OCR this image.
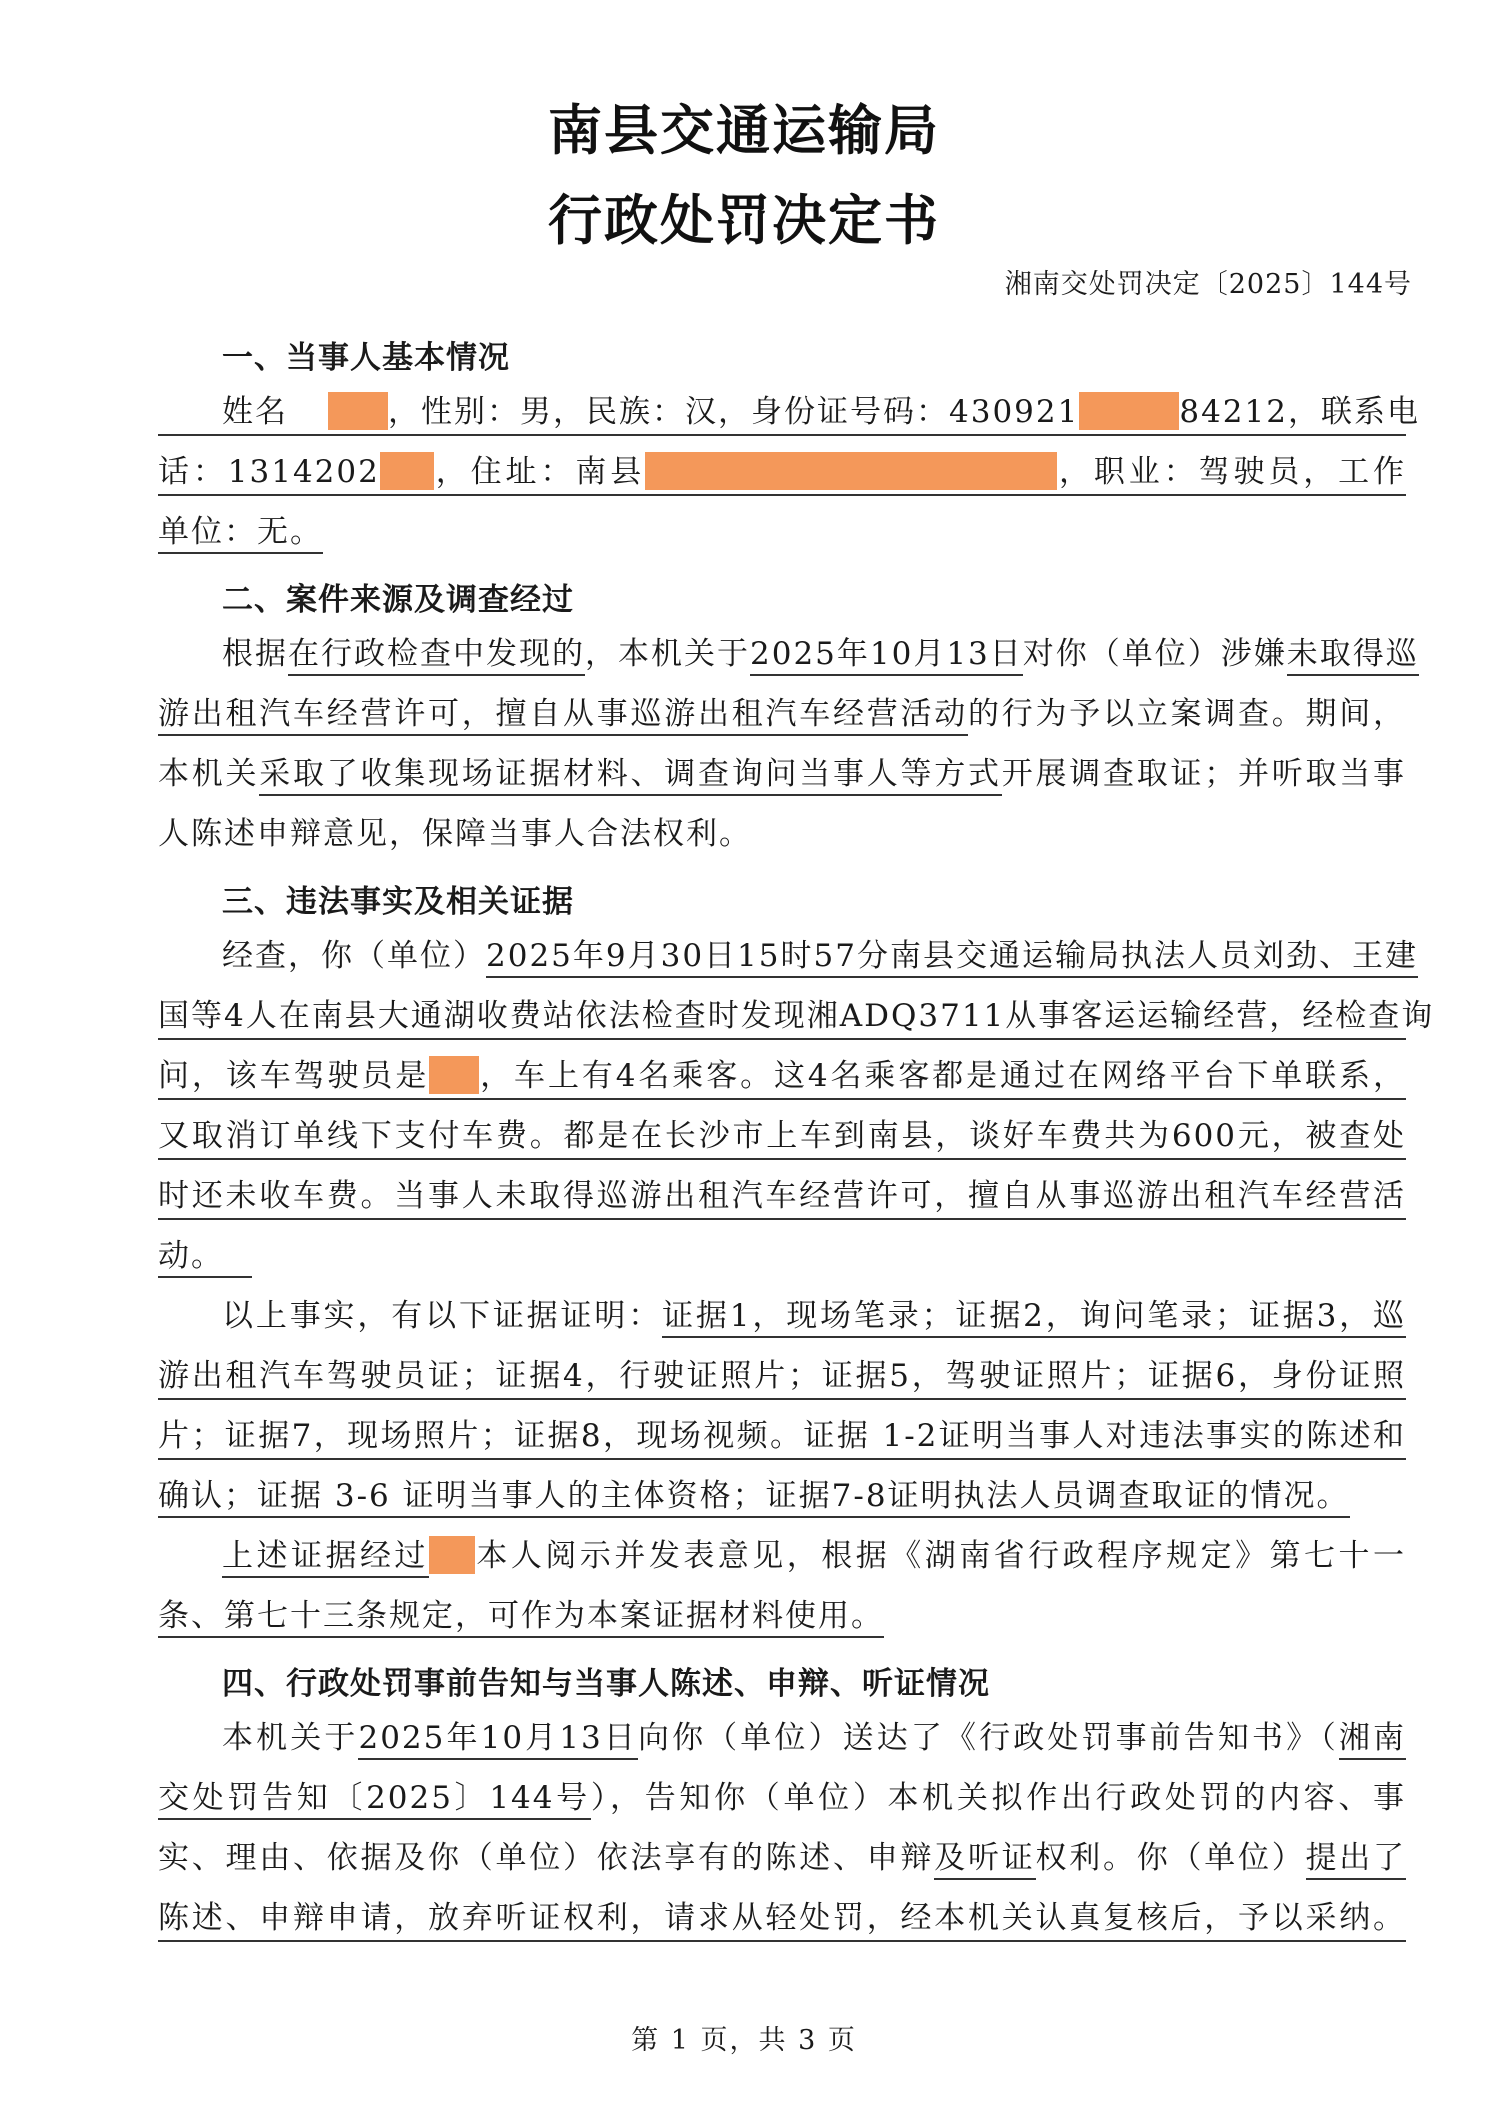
南县交通运输局
行政处罚决定书
湘南交处罚决定〔2025〕144号
一、当事人基本情况
姓名	，性别：男，民族：汉，身份证号码：430921	84212，联系电
话：1314202 ，住址：南县	，职业：驾驶员，工作
单位：无。
二、案件来源及调查经过
根据在行政检查中发现的，本机关于2025年10月13日对你（单位）涉嫌未取得巡
游出租汽车经营许可，擅自从事巡游出租汽车经营活动的行为予以立案调查。期间，
本机关采取了收集现场证据材料、调查询问当事人等方式开展调查取证；并听取当事
人陈述申辩意见，保障当事人合法权利。
三、违法事实及相关证据
经查，你（单位）2025年9月30日15时57分南县交通运输局执法人员刘劲、王建
国等4人在南县大通湖收费站依法检查时发现湘ADQ3711从事客运运输经营，经检查询
问，该车驾驶员是 ，车上有4名乘客。这4名乘客都是通过在网络平台下单联系，
又取消订单线下支付车费。都是在长沙市上车到南县，谈好车费共为600元，被查处
时还未收车费。当事人未取得巡游出租汽车经营许可，擅自从事巡游出租汽车经营活
动。
以上事实，有以下证据证明：证据1，现场笔录；证据2，询问笔录；证据3，巡
游出租汽车驾驶员证；证据4，行驶证照片；证据5，驾驶证照片；证据6，身份证照
片；证据7，现场照片；证据8，现场视频。证据 1-2证明当事人对违法事实的陈述和
确认；证据 3-6 证明当事人的主体资格；证据7-8证明执法人员调查取证的情况。
上述证据经过 本人阅示并发表意见，根据《湖南省行政程序规定》第七十一
条、第七十三条规定，可作为本案证据材料使用。
四、行政处罚事前告知与当事人陈述、申辩、听证情况
本机关于2025年10月13日向你（单位）送达了《行政处罚事前告知书》（湘南
交处罚告知〔2025〕144号），告知你（单位）本机关拟作出行政处罚的内容、事
实、理由、依据及你（单位）依法享有的陈述、申辩及听证权利。你（单位）提出了
陈述、申辩申请，放弃听证权利，请求从轻处罚，经本机关认真复核后，予以采纳。
第 1 页，共 3 页
